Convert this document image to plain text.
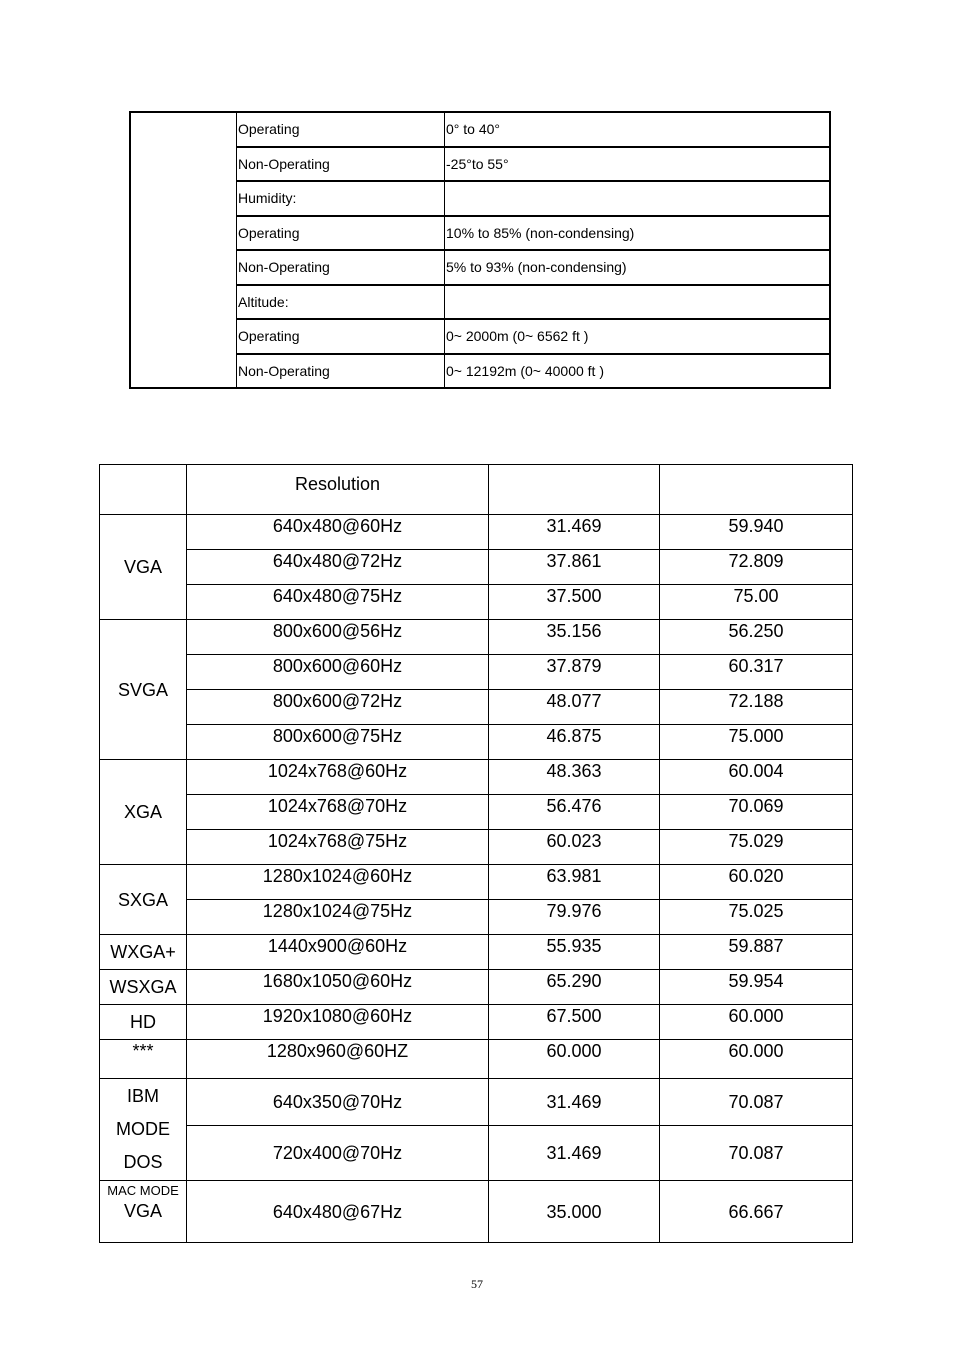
	Operating	0° to 40°
	Non-Operating	-25°to 55°
	Humidity:	
	Operating	10% to 85% (non-condensing)
	Non-Operating	5% to 93% (non-condensing)
	Altitude:	
	Operating	0~ 2000m (0~ 6562 ft )
	Non-Operating	0~ 12192m (0~ 40000 ft )
	Resolution		
VGA	640x480@60Hz	31.469	59.940
	640x480@72Hz	37.861	72.809
	640x480@75Hz	37.500	75.00
SVGA	800x600@56Hz	35.156	56.250
	800x600@60Hz	37.879	60.317
	800x600@72Hz	48.077	72.188
	800x600@75Hz	46.875	75.000
XGA	1024x768@60Hz	48.363	60.004
	1024x768@70Hz	56.476	70.069
	1024x768@75Hz	60.023	75.029
SXGA	1280x1024@60Hz	63.981	60.020
	1280x1024@75Hz	79.976	75.025
WXGA+	1440x900@60Hz	55.935	59.887
WSXGA	1680x1050@60Hz	65.290	59.954
HD	1920x1080@60Hz	67.500	60.000
***	1280x960@60HZ	60.000	60.000

IBM
MODE
DOS	640x350@70Hz	31.469	70.087
	720x400@70Hz	31.469	70.087

MAC MODE
VGA	640x480@67Hz	35.000	66.667
57
